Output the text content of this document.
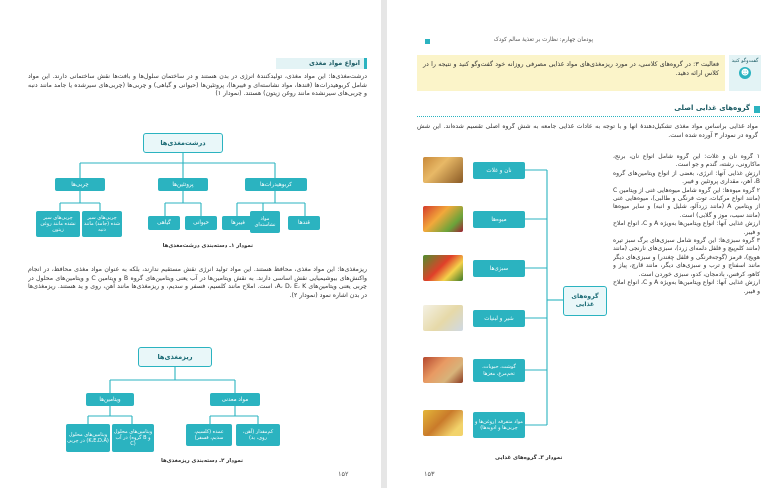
انواع مواد مغذی
درشت‌مغذی‌ها: این مواد مغذی، تولیدکنندهٔ انرژی در بدن هستند و در ساختمان سلول‌ها و بافت‌ها نقش ساختمانی دارند. این مواد شامل کربوهیدرات‌ها (قندها، مواد نشاسته‌ای و فیبرها)، پروتئین‌ها (حیوانی و گیاهی) و چربی‌ها (چربی‌های سیرشده یا جامد مانند دنبه و چربی‌های سیرنشده مانند روغن زیتون) هستند. (نمودار ۱)
درشت‌مغذی‌ها
چربی‌ها	پروتئین‌ها	کربوهیدرات‌ها
چربی‌های سیر نشده مانند روغن زیتون
چربی‌های سیر شده (جامد) مانند دنبه
گیاهی	حیوانی	فیبرها
مواد نشاسته‌ای	قندها
نمودار ۱ـ دسته‌بندی درشت‌مغذی‌ها
ریزمغذی‌ها: این مواد مغذی، محافظ هستند. این مواد تولید انرژی نقش مستقیم ندارند، بلکه به عنوان مواد مغذی محافظ، در انجام واکنش‌های بیوشیمیایی نقش اساسی دارند. به نقش ویتامین‌ها در آب یعنی ویتامین‌های گروه B و ویتامین C و ویتامین‌های محلول در چربی یعنی ویتامین‌های A، D، E، K، است. املاح مانند کلسیم، فسفر و سدیم، و ریزمغذی‌ها مانند آهن، روی و ید هستند. ریزمغذی‌ها در بدن اشاره نمود (نمودار ۲).
ریزمغذی‌ها
ویتامین‌ها	مواد معدنی
ویتامین‌های محلول در چربی (K،E،D،A)
ویتامین‌های محلول در آب (گروه B و C)
عمده (کلسیم، سدیم، فسفر)
کم‌مقدار (آهن، روی، ید)
نمودار ۲ـ دسته‌بندی ریزمغذی‌ها
۱۵۲
پودمان چهارم: نظارت بر تغذیهٔ سالم کودک
فعالیت ۳: در گروه‌های کلاسی، در مورد ریزمغذی‌های مواد غذایی مصرفی روزانه خود گفت‌وگو کنید و نتیجه را در کلاس ارائه دهید.
گفت‌وگو کنید
☻
گروه‌های غذایی اصلی
مواد غذایی براساس مواد مغذی تشکیل‌دهندهٔ آنها و با توجه به عادات غذایی جامعه به شش گروه اصلی تقسیم شده‌اند. این شش گروه در نمودار ۳ آورده شده است.
۱ گروه نان و غلات: این گروه شامل انواع نان، برنج، ماکارونی، رشته، گندم و جو است.
ارزش غذایی آنها: انرژی، بعضی از انواع ویتامین‌های گروه B، آهن، مقداری پروتئین و فیبر.
۲ گروه میوه‌ها: این گروه شامل میوه‌هایی غنی از ویتامین C (مانند انواع مرکبات، توت فرنگی و طالبی)، میوه‌هایی غنی از ویتامین A (مانند زردآلو، شلیل و انبه) و سایر میوه‌ها (مانند سیب، موز و گلابی) است.
ارزش غذایی آنها: انواع ویتامین‌ها به‌ویژه A و C، انواع املاح و فیبر.
۳ گروه سبزی‌ها: این گروه شامل سبزی‌های برگ سبز تیره (مانند کلم‌پیچ و فلفل دلمه‌ای زرد)، سبزی‌های نارنجی (مانند هویج)، قرمز (گوجه‌فرنگی و فلفل چغندر) و سبزی‌های دیگر مانند اسفناج و ترب و سبزی‌های دیگر، مانند قارچ، پیاز و کاهو، کرفس، بادمجان، کدو، سبزی خوردن است.
ارزش غذایی آنها: انواع ویتامین‌ها به‌ویژه A و C، انواع املاح و فیبر.
گروه‌های غذایی
نان و غلات
میوه‌ها
سبزی‌ها
شیر و لبنیات
گوشت، حبوبات، تخم‌مرغ، مغزها
مواد متفرقه (روغن‌ها و چربی‌ها و ادویه‌ها)
نمودار ۳ـ گروه‌های غذایی
۱۵۳
